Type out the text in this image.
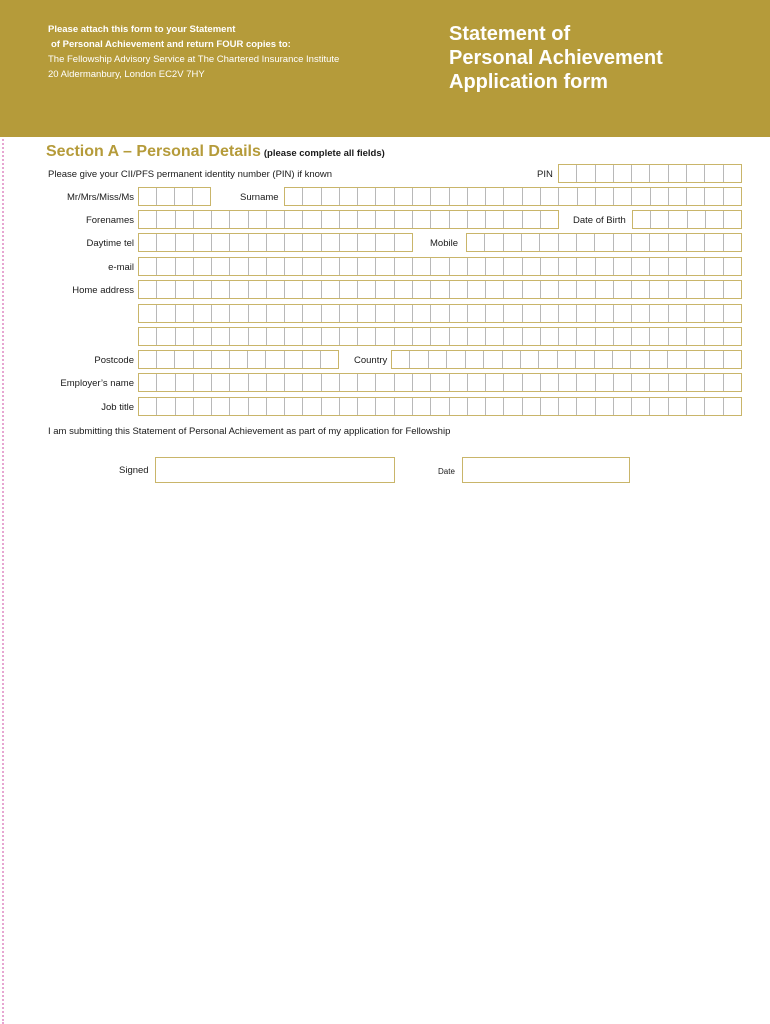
Please attach this form to your Statement
of Personal Achievement and return FOUR copies to:
The Fellowship Advisory Service at The Chartered Insurance Institute
20 Aldermanbury, London EC2V 7HY
Statement of
Personal Achievement
Application form
Section A – Personal Details (please complete all fields)
Please give your CII/PFS permanent identity number (PIN) if known	PIN
Mr/Mrs/Miss/Ms	Surname
Forenames	Date of Birth
Daytime tel	Mobile
e-mail
Home address
Postcode	Country
Employer’s name
Job title
I am submitting this Statement of Personal Achievement as part of my application for Fellowship
Signed	Date
